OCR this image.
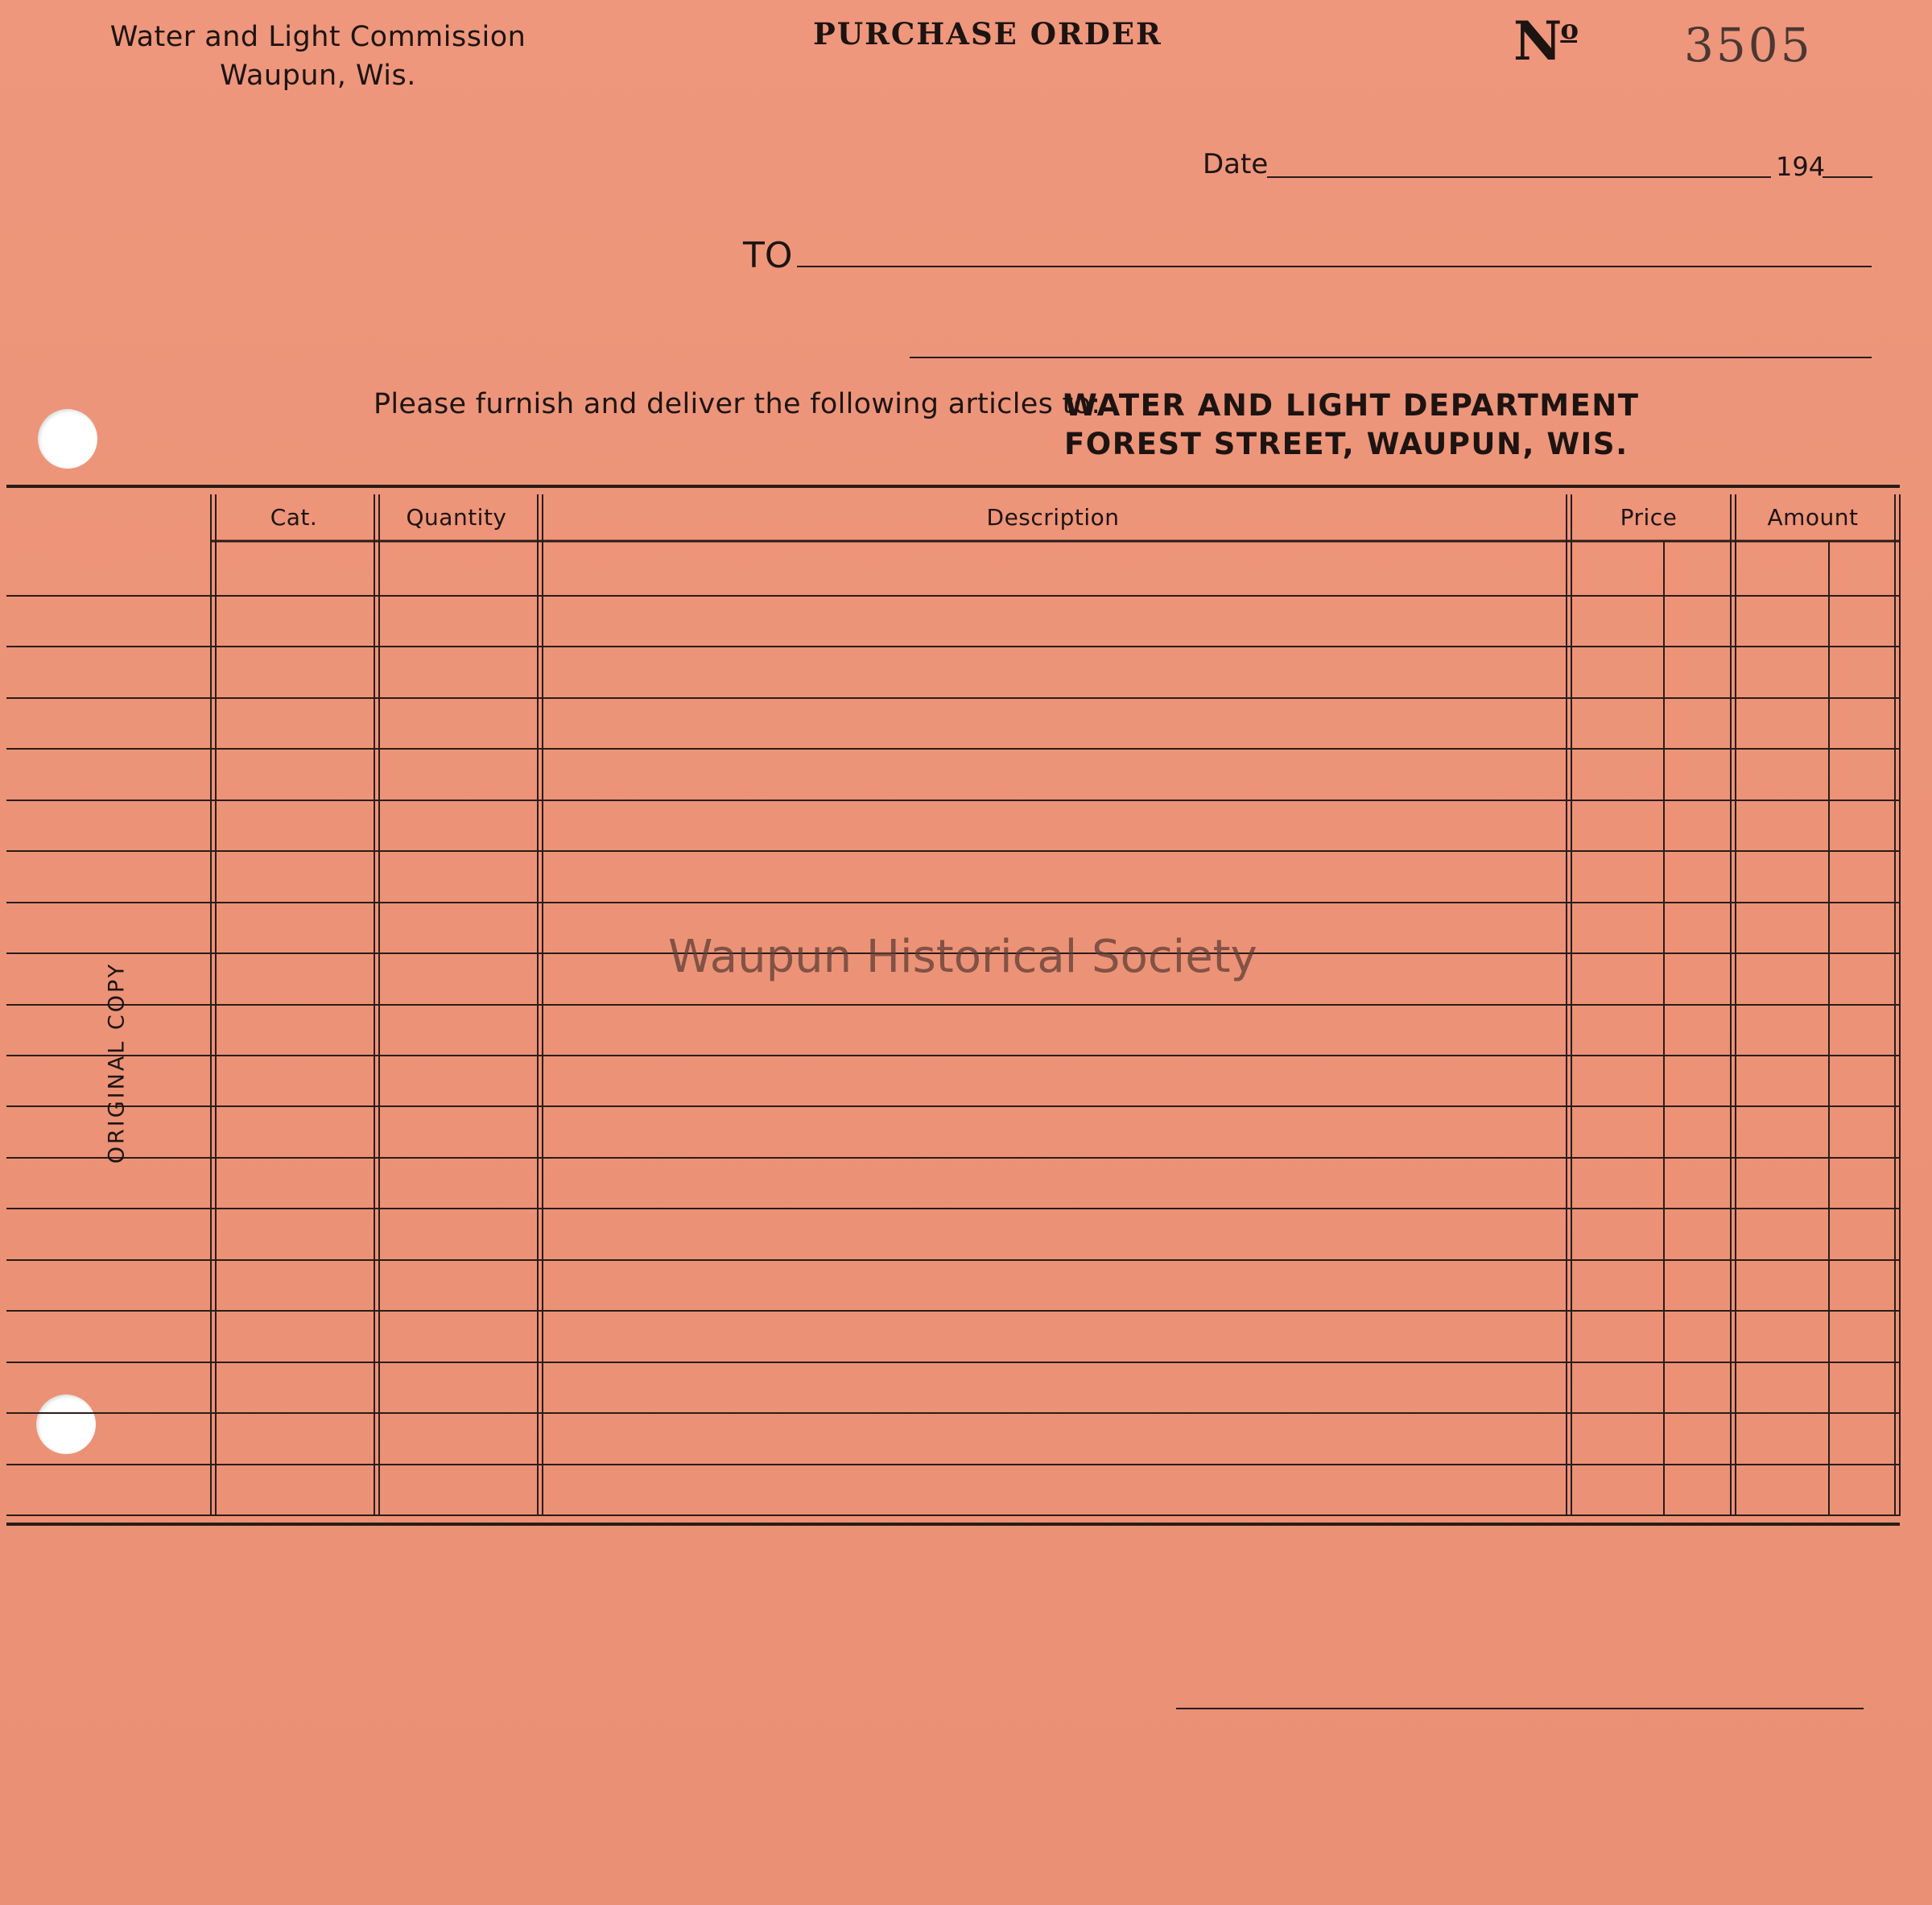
Water and Light Commission
Waupun, Wis.
PURCHASE ORDER	$N^o$ 3505
Date	194
TO
Please furnish and deliver the following articles to:
WATER AND LIGHT DEPARTMENT
FOREST STREET, WAUPUN, WIS.
Cat.	Quantity	Description	Price	Amount
ORIGINAL COPY
Waupun Historical Society
